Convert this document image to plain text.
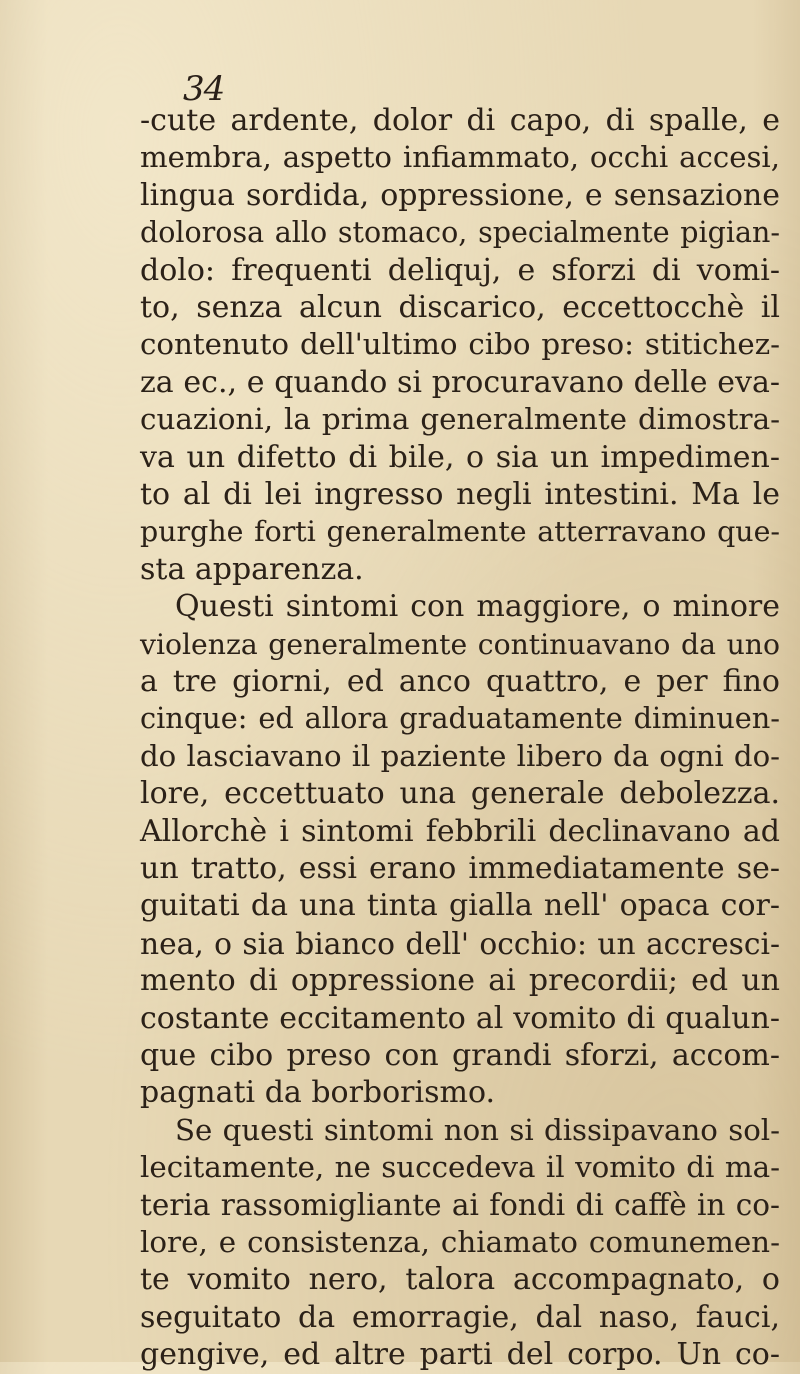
34
-cute ardente, dolor di capo, di spalle, e
membra, aspetto infiammato, occhi accesi,
lingua sordida, oppressione, e sensazione
dolorosa allo stomaco, specialmente pigian-
dolo: frequenti deliquj, e sforzi di vomi-
to, senza alcun discarico, eccettocchè il
contenuto dell'ultimo cibo preso: stitichez-
za ec., e quando si procuravano delle eva-
cuazioni, la prima generalmente dimostra-
va un difetto di bile, o sia un impedimen-
to al di lei ingresso negli intestini. Ma le
purghe forti generalmente atterravano que-
sta apparenza.
Questi sintomi con maggiore, o minore
violenza generalmente continuavano da uno
a tre giorni, ed anco quattro, e per fino
cinque: ed allora graduatamente diminuen-
do lasciavano il paziente libero da ogni do-
lore, eccettuato una generale debolezza.
Allorchè i sintomi febbrili declinavano ad
un tratto, essi erano immediatamente se-
guitati da una tinta gialla nell' opaca cor-
nea, o sia bianco dell' occhio: un accresci-
mento di oppressione ai precordii; ed un
costante eccitamento al vomito di qualun-
que cibo preso con grandi sforzi, accom-
pagnati da borborismo.
Se questi sintomi non si dissipavano sol-
lecitamente, ne succedeva il vomito di ma-
teria rassomigliante ai fondi di caffè in co-
lore, e consistenza, chiamato comunemen-
te vomito nero, talora accompagnato, o
seguitato da emorragie, dal naso, fauci,
gengive, ed altre parti del corpo. Un co-
